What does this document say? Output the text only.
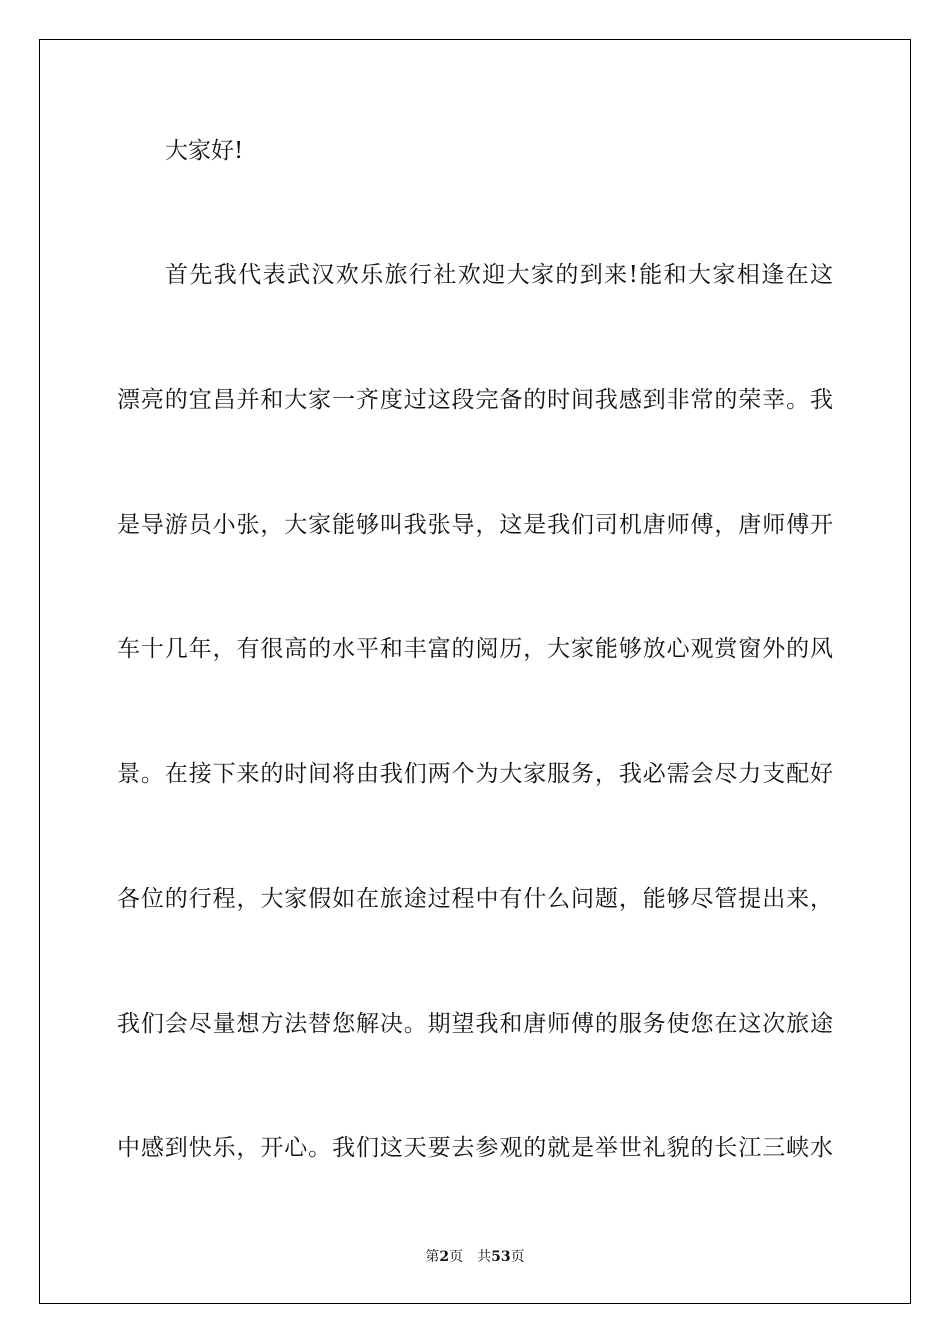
大家好!
首先我代表武汉欢乐旅行社欢迎大家的到来!能和大家相逢在这
漂亮的宜昌并和大家一齐度过这段完备的时间我感到非常的荣幸。我
是导游员小张，大家能够叫我张导，这是我们司机唐师傅，唐师傅开
车十几年，有很高的水平和丰富的阅历，大家能够放心观赏窗外的风
景。在接下来的时间将由我们两个为大家服务，我必需会尽力支配好
各位的行程，大家假如在旅途过程中有什么问题，能够尽管提出来，
我们会尽量想方法替您解决。期望我和唐师傅的服务使您在这次旅途
中感到快乐，开心。我们这天要去参观的就是举世礼貌的长江三峡水
第2页 共53页
